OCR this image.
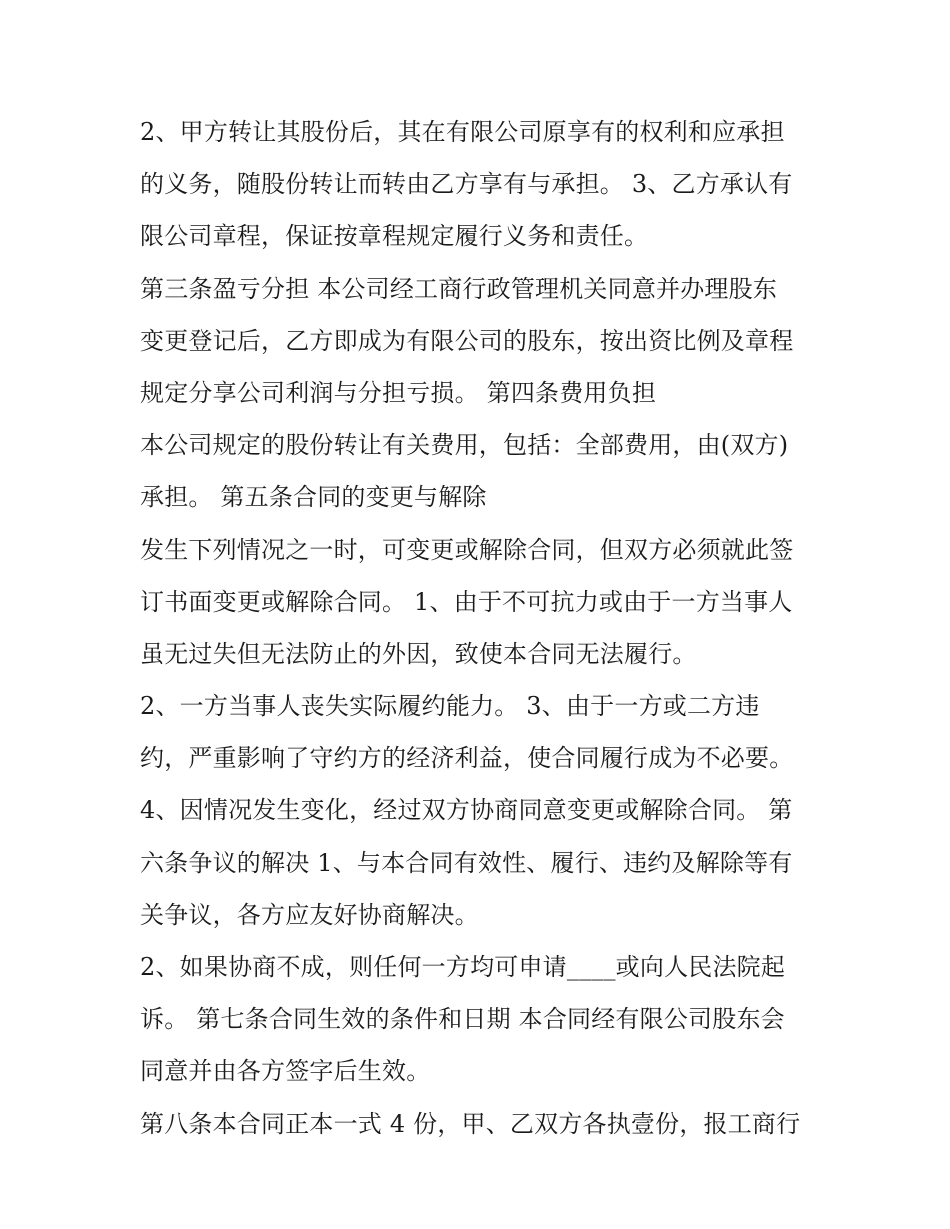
2、甲方转让其股份后，其在有限公司原享有的权利和应承担
的义务，随股份转让而转由乙方享有与承担。 3、乙方承认有
限公司章程，保证按章程规定履行义务和责任。
第三条盈亏分担 本公司经工商行政管理机关同意并办理股东
变更登记后，乙方即成为有限公司的股东，按出资比例及章程
规定分享公司利润与分担亏损。 第四条费用负担
本公司规定的股份转让有关费用，包括：全部费用，由(双方)
承担。 第五条合同的变更与解除
发生下列情况之一时，可变更或解除合同，但双方必须就此签
订书面变更或解除合同。 1、由于不可抗力或由于一方当事人
虽无过失但无法防止的外因，致使本合同无法履行。
2、一方当事人丧失实际履约能力。 3、由于一方或二方违
约，严重影响了守约方的经济利益，使合同履行成为不必要。
4、因情况发生变化，经过双方协商同意变更或解除合同。 第
六条争议的解决 1、与本合同有效性、履行、违约及解除等有
关争议，各方应友好协商解决。
2、如果协商不成，则任何一方均可申请____或向人民法院起
诉。 第七条合同生效的条件和日期 本合同经有限公司股东会
同意并由各方签字后生效。
第八条本合同正本一式 4 份，甲、乙双方各执壹份，报工商行
